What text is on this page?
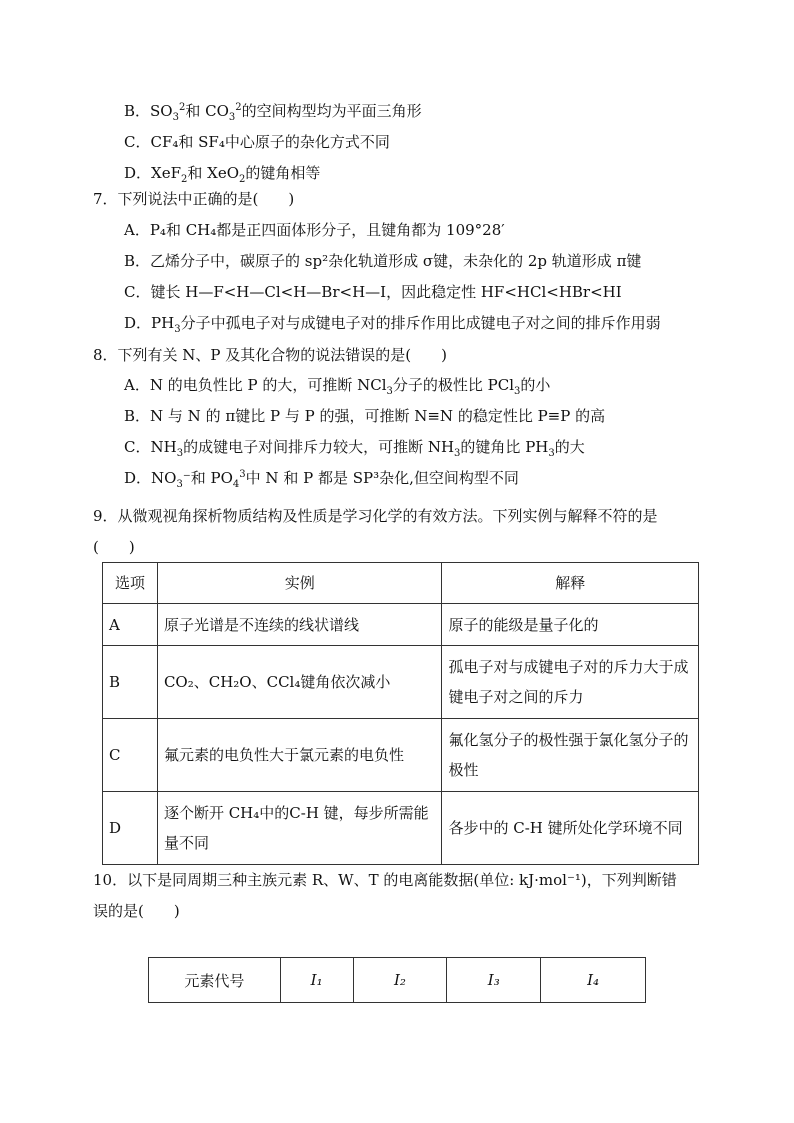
B．$SO_3^2$和 $CO_3^2$的空间构型均为平面三角形
C．CF₄和 SF₄中心原子的杂化方式不同
D．XeF$_2$和 XeO$_2$的键角相等
7．下列说法中正确的是(　　)
A．P₄和 CH₄都是正四面体形分子，且键角都为 109°28′
B．乙烯分子中，碳原子的 sp²杂化轨道形成 σ键，未杂化的 2p 轨道形成 π键
C．键长 H—F<H—Cl<H—Br<H—I，因此稳定性 HF<HCl<HBr<HI
D．$PH_3$分子中孤电子对与成键电子对的排斥作用比成键电子对之间的排斥作用弱
8．下列有关 N、P 及其化合物的说法错误的是(　　)
A．N 的电负性比 P 的大，可推断 NCl$_3$分子的极性比 PCl$_3$的小
B．N 与 N 的 π键比 P 与 P 的强，可推断 N≡N 的稳定性比 P≡P 的高
C．$NH_3$的成键电子对间排斥力较大，可推断 $NH_3$的键角比 $PH_3$的大
D．$NO_3^-$和 $PO_4^3$中 N 和 P 都是 SP³杂化,但空间构型不同
9．从微观视角探析物质结构及性质是学习化学的有效方法。下列实例与解释不符的是
(　　)
选项	实例	解释
A	原子光谱是不连续的线状谱线	原子的能级是量子化的
B	CO₂、CH₂O、CCl₄键角依次减小	孤电子对与成键电子对的斥力大于成键电子对之间的斥力
C	氟元素的电负性大于氯元素的电负性	氟化氢分子的极性强于氯化氢分子的极性
D	逐个断开 CH₄中的C-H 键，每步所需能量不同	各步中的 C-H 键所处化学环境不同
10．以下是同周期三种主族元素 R、W、T 的电离能数据(单位: kJ·mol⁻¹)，下列判断错
误的是(　　)
元素代号	I₁	I₂	I₃	I₄
